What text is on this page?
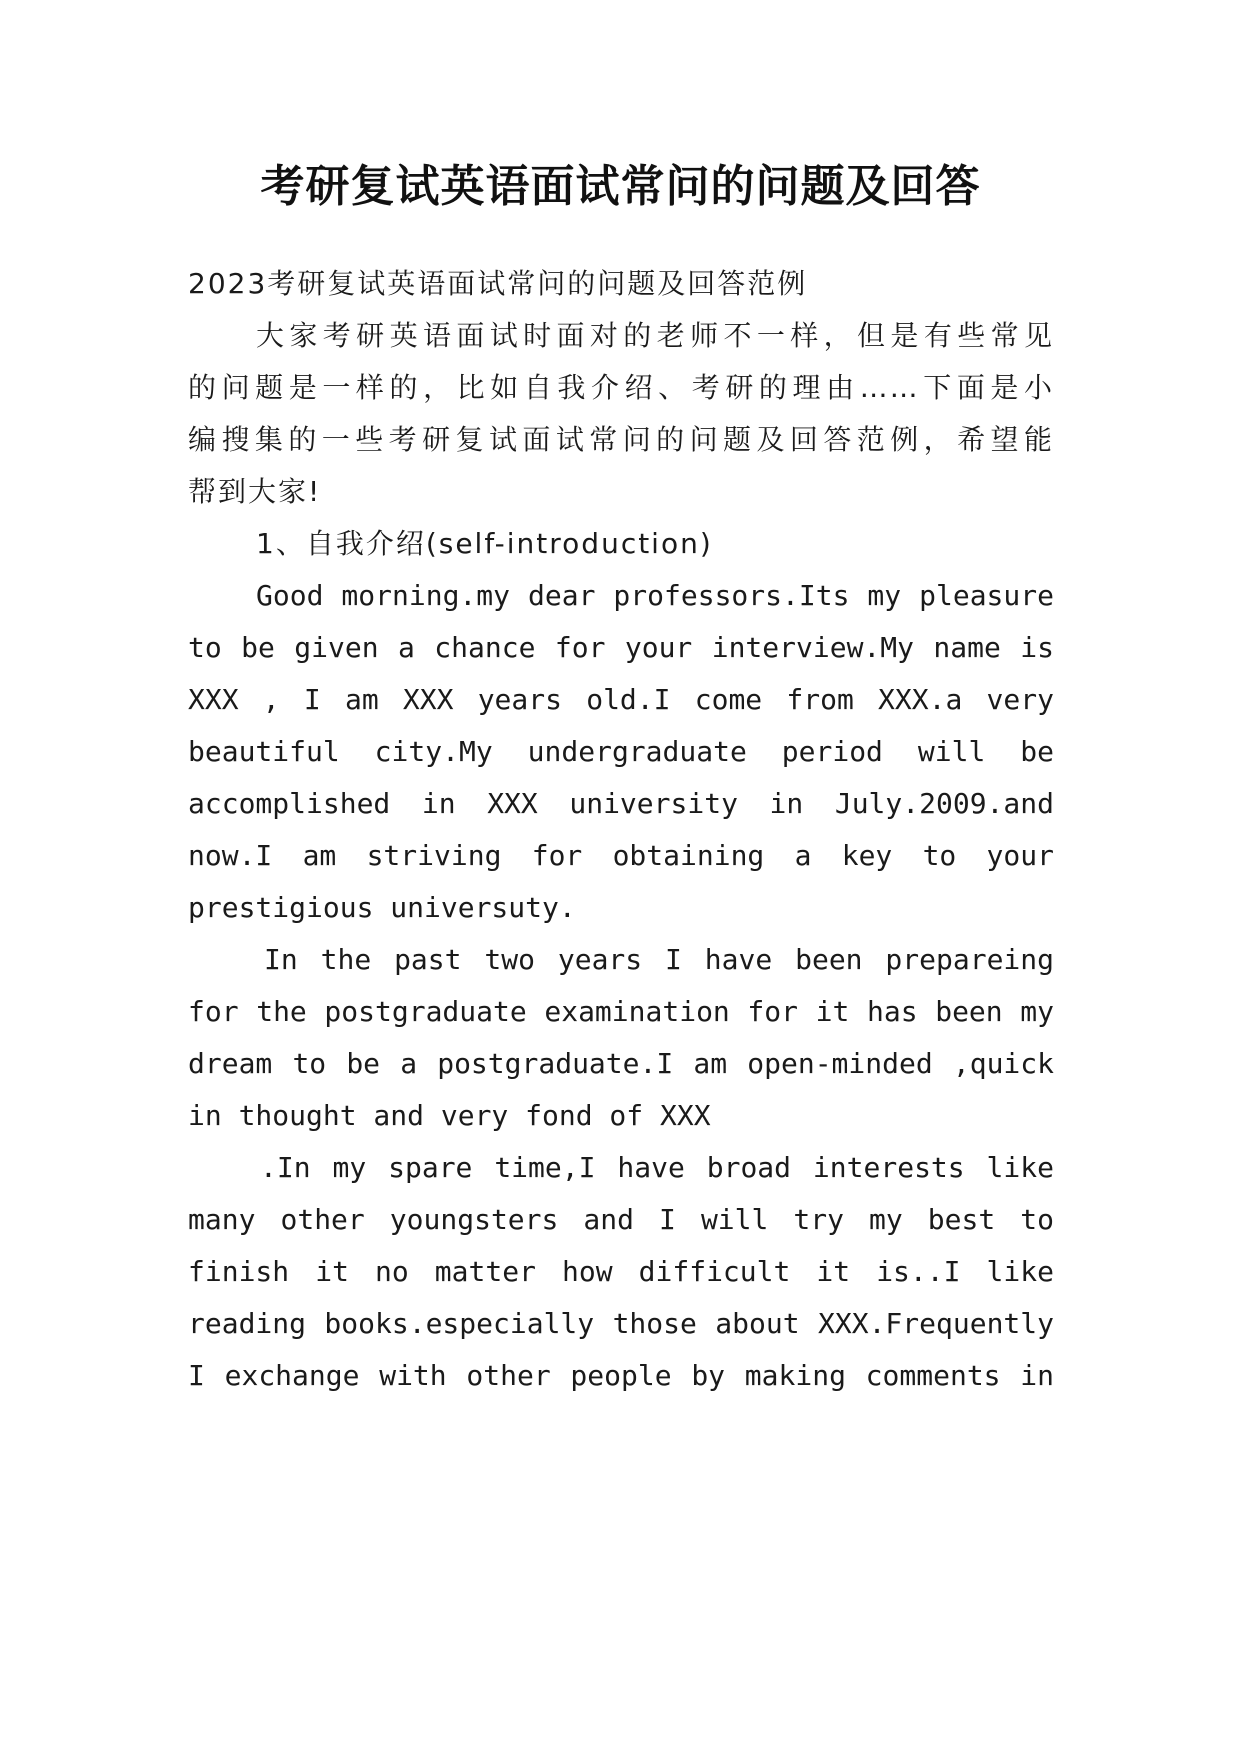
考研复试英语面试常问的问题及回答
2023考研复试英语面试常问的问题及回答范例
大家考研英语面试时面对的老师不一样，但是有些常见
的问题是一样的，比如自我介绍、考研的理由……下面是小
编搜集的一些考研复试面试常问的问题及回答范例，希望能
帮到大家!
1、自我介绍(self-introduction)
Good morning.my dear professors.Its my pleasure
to be given a chance for your interview.My name is
XXX , I am XXX years old.I come from XXX.a very
beautiful city.My undergraduate period will be
accomplished in XXX university in July.2009.and
now.I am striving for obtaining a key to your
prestigious universuty.
In the past two years I have been prepareing
for the postgraduate examination for it has been my
dream to be a postgraduate.I am open-minded ,quick
in thought and very fond of XXX
.In my spare time,I have broad interests like
many other youngsters and I will try my best to
finish it no matter how difficult it is..I like
reading books.especially those about XXX.Frequently
I exchange with other people by making comments in
